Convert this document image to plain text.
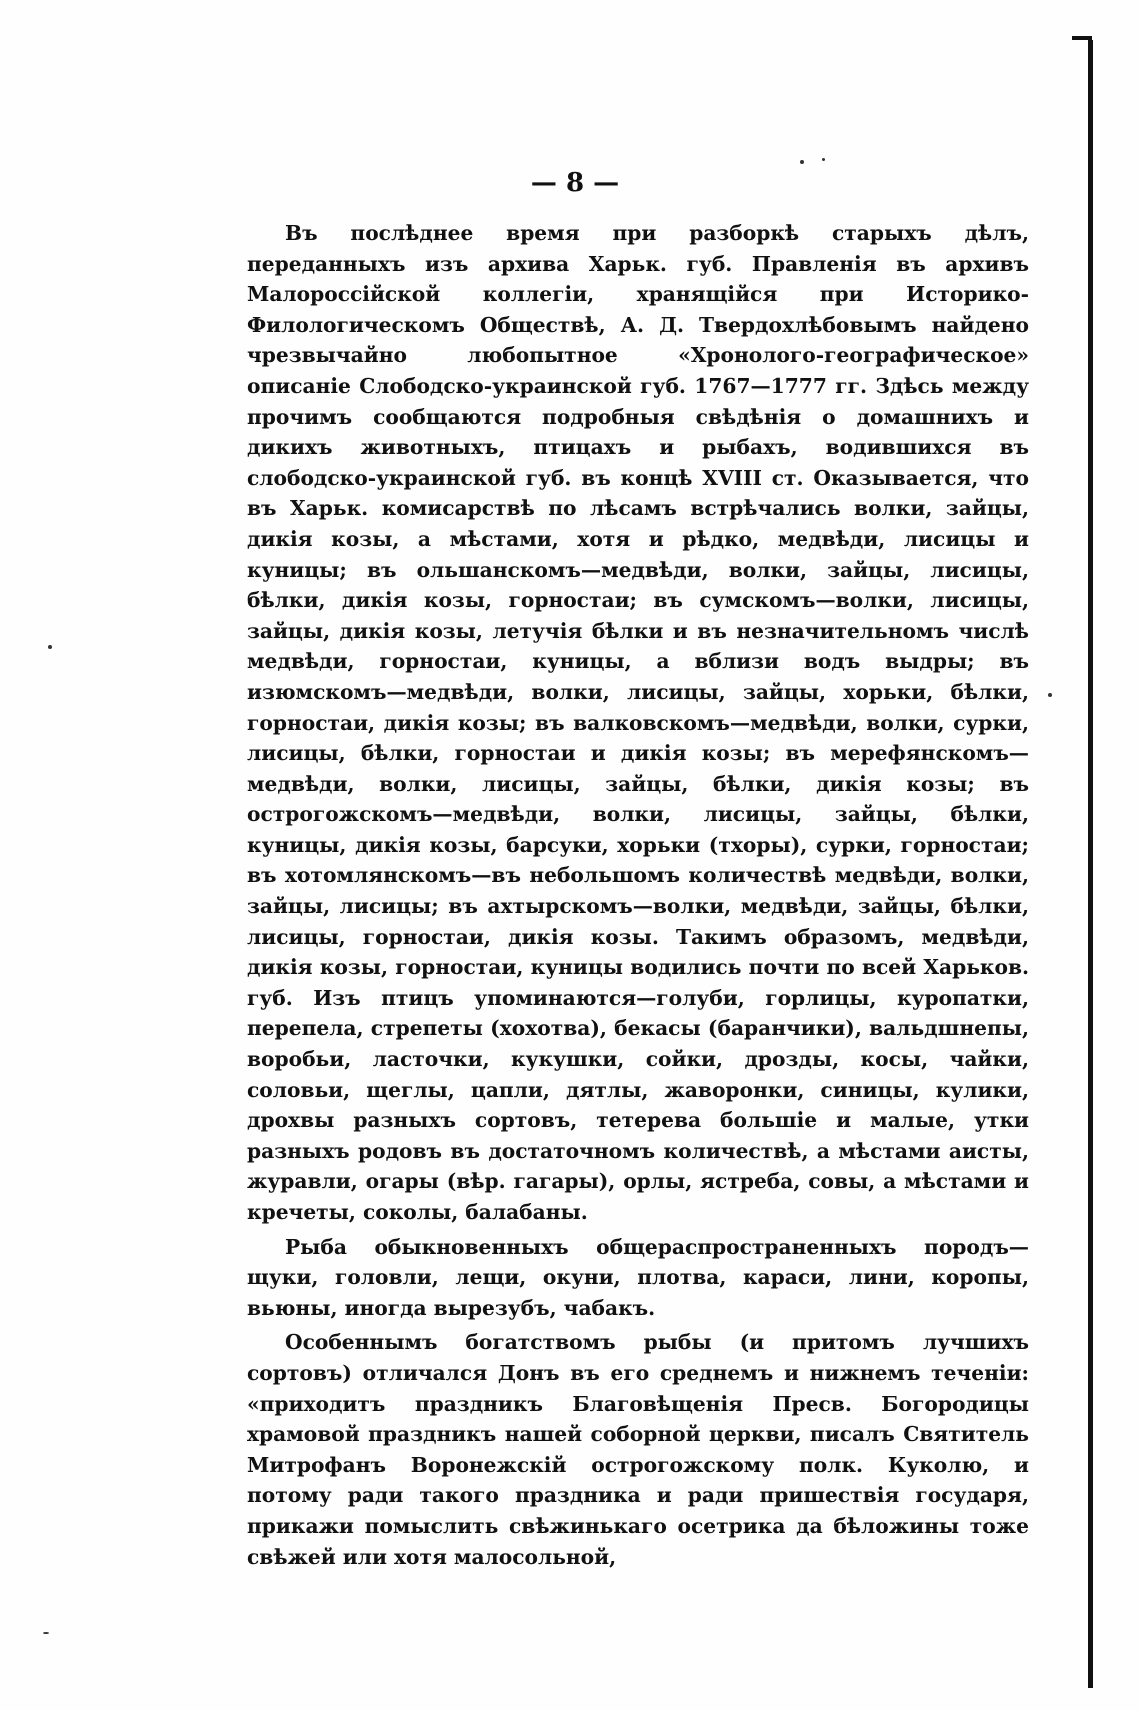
— 8 —

Въ послѣднее время при разборкѣ старыхъ дѣлъ, переданныхъ изъ архива Харьк. губ. Правленія въ архивъ Малороссійской коллегіи, хранящійся при Историко-Филологическомъ Обществѣ, А. Д. Твердохлѣбовымъ найдено чрезвычайно любопытное «Хронолого-географическое» описаніе Слободско-украинской губ. 1767—1777 гг. Здѣсь между прочимъ сообщаются подробныя свѣдѣнія о домашнихъ и дикихъ животныхъ, птицахъ и рыбахъ, водившихся въ слободско-украинской губ. въ концѣ XVIII ст. Оказывается, что въ Харьк. комисарствѣ по лѣсамъ встрѣчались волки, зайцы, дикія козы, а мѣстами, хотя и рѣдко, медвѣди, лисицы и куницы; въ ольшанскомъ—медвѣди, волки, зайцы, лисицы, бѣлки, дикія козы, горностаи; въ сумскомъ—волки, лисицы, зайцы, дикія козы, летучія бѣлки и въ незначительномъ числѣ медвѣди, горностаи, куницы, а вблизи водъ выдры; въ изюмскомъ—медвѣди, волки, лисицы, зайцы, хорьки, бѣлки, горностаи, дикія козы; въ валковскомъ—медвѣди, волки, сурки, лисицы, бѣлки, горностаи и дикія козы; въ мерефянскомъ—медвѣди, волки, лисицы, зайцы, бѣлки, дикія козы; въ острогожскомъ—медвѣди, волки, лисицы, зайцы, бѣлки, куницы, дикія козы, барсуки, хорьки (тхоры), сурки, горностаи; въ хотомлянскомъ—въ небольшомъ количествѣ медвѣди, волки, зайцы, лисицы; въ ахтырскомъ—волки, медвѣди, зайцы, бѣлки, лисицы, горностаи, дикія козы. Такимъ образомъ, медвѣди, дикія козы, горностаи, куницы водились почти по всей Харьков. губ. Изъ птицъ упоминаются—голуби, горлицы, куропатки, перепела, стрепеты (хохотва), бекасы (баранчики), вальдшнепы, воробьи, ласточки, кукушки, сойки, дрозды, косы, чайки, соловьи, щеглы, цапли, дятлы, жаворонки, синицы, кулики, дрохвы разныхъ сортовъ, тетерева большіе и малые, утки разныхъ родовъ въ достаточномъ количествѣ, а мѣстами аисты, журавли, огары (вѣр. гагары), орлы, ястреба, совы, а мѣстами и кречеты, соколы, балабаны.

Рыба обыкновенныхъ общераспространенныхъ породъ—щуки, головли, лещи, окуни, плотва, караси, лини, коропы, вьюны, иногда вырезубъ, чабакъ.

Особеннымъ богатствомъ рыбы (и притомъ лучшихъ сортовъ) отличался Донъ въ его среднемъ и нижнемъ теченіи: «приходитъ праздникъ Благовѣщенія Пресв. Богородицы храмовой праздникъ нашей соборной церкви, писалъ Святитель Митрофанъ Воронежскій острогожскому полк. Куколю, и потому ради такого праздника и ради пришествія государя, прикажи помыслить свѣжинькаго осетрика да бѣложины тоже свѣжей или хотя малосольной,
